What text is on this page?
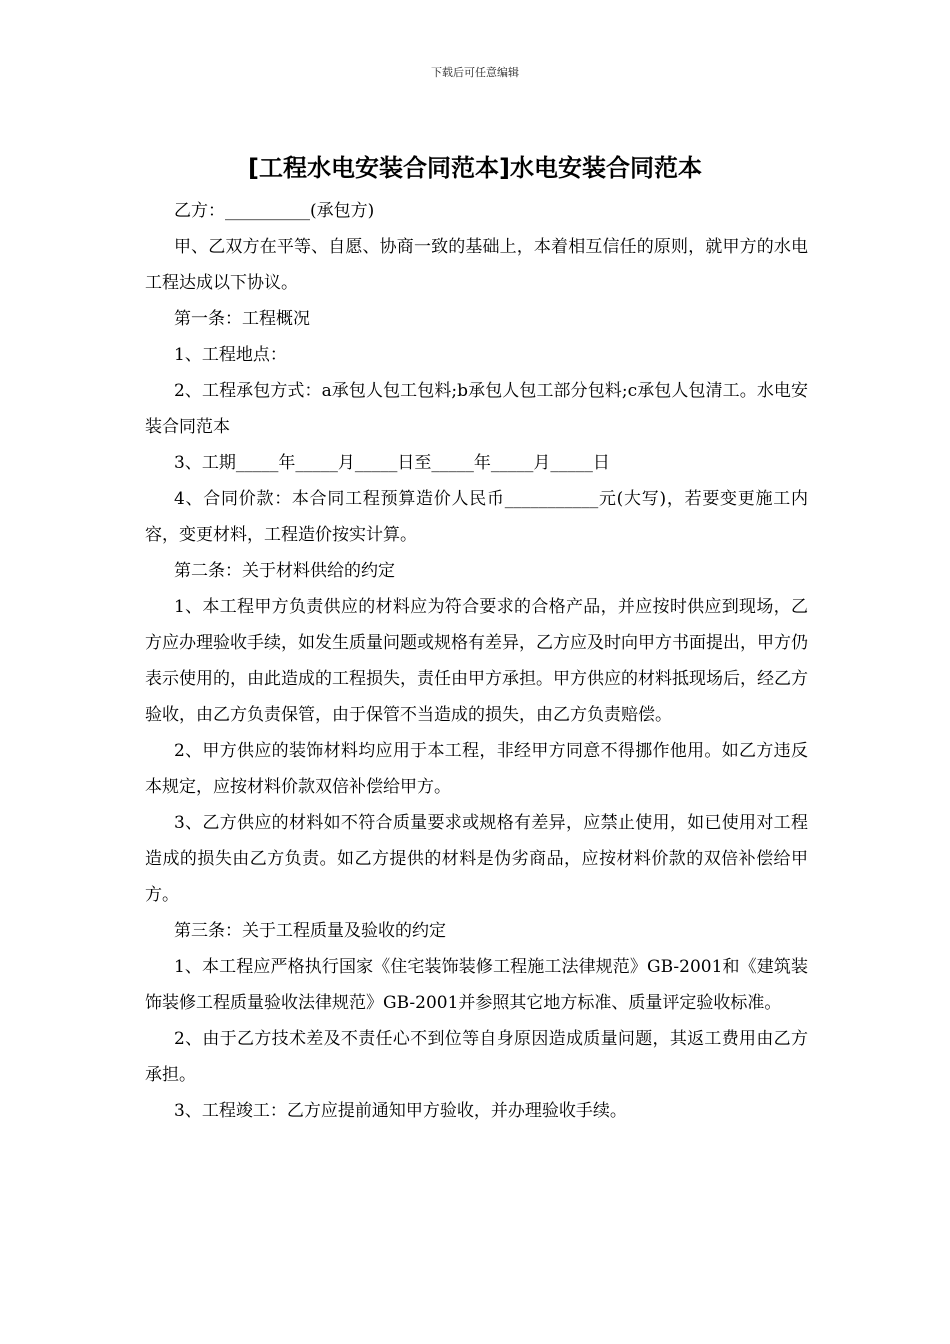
下载后可任意编辑
[工程水电安装合同范本]水电安装合同范本

乙方：__________(承包方)

甲、乙双方在平等、自愿、协商一致的基础上，本着相互信任的原则，就甲方的水电工程达成以下协议。

第一条：工程概况

1、工程地点：

2、工程承包方式：a承包人包工包料;b承包人包工部分包料;c承包人包清工。水电安装合同范本

3、工期_____年_____月_____日至_____年_____月_____日

4、合同价款：本合同工程预算造价人民币___________元(大写)，若要变更施工内容，变更材料，工程造价按实计算。

第二条：关于材料供给的约定

1、本工程甲方负责供应的材料应为符合要求的合格产品，并应按时供应到现场，乙方应办理验收手续，如发生质量问题或规格有差异，乙方应及时向甲方书面提出，甲方仍表示使用的，由此造成的工程损失，责任由甲方承担。甲方供应的材料抵现场后，经乙方验收，由乙方负责保管，由于保管不当造成的损失，由乙方负责赔偿。

2、甲方供应的装饰材料均应用于本工程，非经甲方同意不得挪作他用。如乙方违反本规定，应按材料价款双倍补偿给甲方。

3、乙方供应的材料如不符合质量要求或规格有差异，应禁止使用，如已使用对工程造成的损失由乙方负责。如乙方提供的材料是伪劣商品，应按材料价款的双倍补偿给甲方。

第三条：关于工程质量及验收的约定

1、本工程应严格执行国家《住宅装饰装修工程施工法律规范》GB-2001和《建筑装饰装修工程质量验收法律规范》GB-2001并参照其它地方标准、质量评定验收标准。

2、由于乙方技术差及不责任心不到位等自身原因造成质量问题，其返工费用由乙方承担。

3、工程竣工：乙方应提前通知甲方验收，并办理验收手续。
